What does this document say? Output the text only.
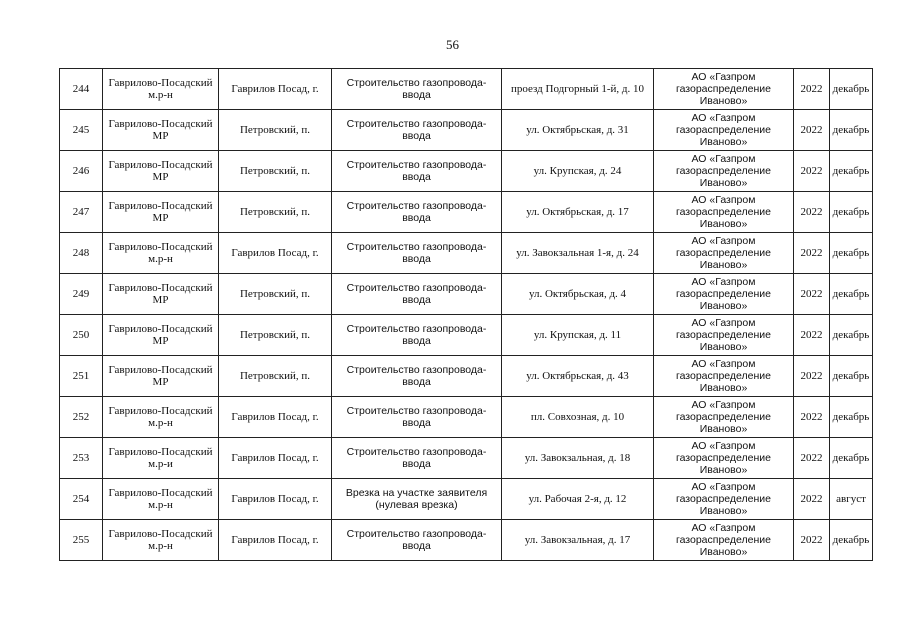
56
244	Гаврилово-Посадский м.р-н	Гаврилов Посад, г.	Строительство газопровода-ввода	проезд Подгорный 1-й, д. 10	АО «Газпром газораспределение Иваново»	2022	декабрь
245	Гаврилово-Посадский МР	Петровский, п.	Строительство газопровода-ввода	ул. Октябрьская, д. 31	АО «Газпром газораспределение Иваново»	2022	декабрь
246	Гаврилово-Посадский МР	Петровский, п.	Строительство газопровода-ввода	ул. Крупская, д. 24	АО «Газпром газораспределение Иваново»	2022	декабрь
247	Гаврилово-Посадский МР	Петровский, п.	Строительство газопровода-ввода	ул. Октябрьская, д. 17	АО «Газпром газораспределение Иваново»	2022	декабрь
248	Гаврилово-Посадский м.р-н	Гаврилов Посад, г.	Строительство газопровода-ввода	ул. Завокзальная 1-я, д. 24	АО «Газпром газораспределение Иваново»	2022	декабрь
249	Гаврилово-Посадский МР	Петровский, п.	Строительство газопровода-ввода	ул. Октябрьская, д. 4	АО «Газпром газораспределение Иваново»	2022	декабрь
250	Гаврилово-Посадский МР	Петровский, п.	Строительство газопровода-ввода	ул. Крупская, д. 11	АО «Газпром газораспределение Иваново»	2022	декабрь
251	Гаврилово-Посадский МР	Петровский, п.	Строительство газопровода-ввода	ул. Октябрьская, д. 43	АО «Газпром газораспределение Иваново»	2022	декабрь
252	Гаврилово-Посадский м.р-н	Гаврилов Посад, г.	Строительство газопровода-ввода	пл. Совхозная, д. 10	АО «Газпром газораспределение Иваново»	2022	декабрь
253	Гаврилово-Посадский м.р-и	Гаврилов Посад, г.	Строительство газопровода-ввода	ул. Завокзальная, д. 18	АО «Газпром газораспределение Иваново»	2022	декабрь
254	Гаврилово-Посадский м.р-н	Гаврилов Посад, г.	Врезка на участке заявителя (нулевая врезка)	ул. Рабочая 2-я, д. 12	АО «Газпром газораспределение Иваново»	2022	август
255	Гаврилово-Посадский м.р-н	Гаврилов Посад, г.	Строительство газопровода-ввода	ул. Завокзальная, д. 17	АО «Газпром газораспределение Иваново»	2022	декабрь
